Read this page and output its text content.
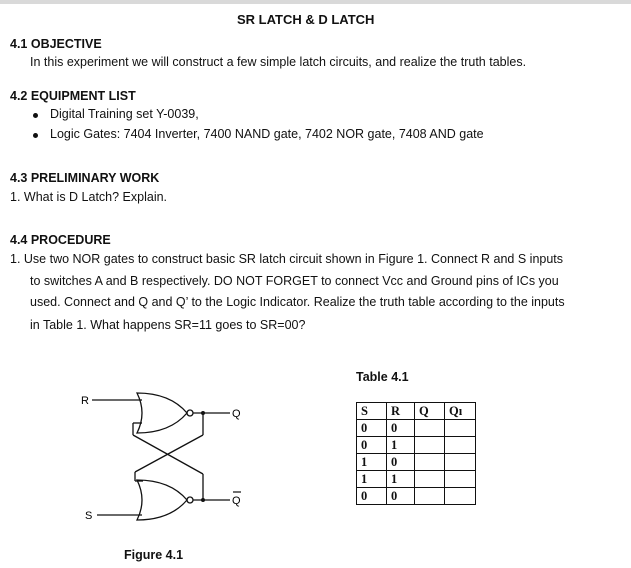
SR LATCH & D LATCH
4.1 OBJECTIVE
In this experiment we will construct a few simple latch circuits, and realize the truth tables.
4.2 EQUIPMENT LIST
Digital Training set Y-0039,
Logic Gates: 7404 Inverter, 7400 NAND gate, 7402 NOR gate, 7408 AND gate
4.3 PRELIMINARY WORK
1. What is D Latch? Explain.
4.4 PROCEDURE
1. Use two NOR gates to construct basic SR latch circuit shown in Figure 1. Connect R and S inputs
to switches A and B respectively. DO NOT FORGET to connect Vcc and Ground pins of ICs you
used. Connect and Q and Q’ to the Logic Indicator. Realize the truth table according to the inputs
in Table 1. What happens SR=11 goes to SR=00?
R
Q
Q
S
Figure 4.1
Table 4.1
S	R	Q	Qı
0	0		
0	1		
1	0		
1	1		
0	0		
